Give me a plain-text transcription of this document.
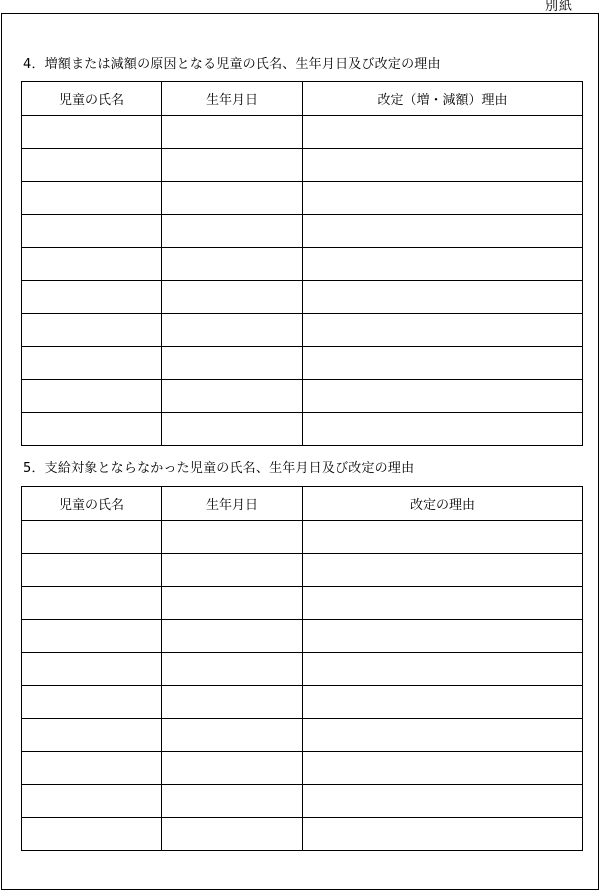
別紙
4．増額または減額の原因となる児童の氏名、生年月日及び改定の理由
児童の氏名	生年月日	改定（増・減額）理由

5．支給対象とならなかった児童の氏名、生年月日及び改定の理由
児童の氏名	生年月日	改定の理由
